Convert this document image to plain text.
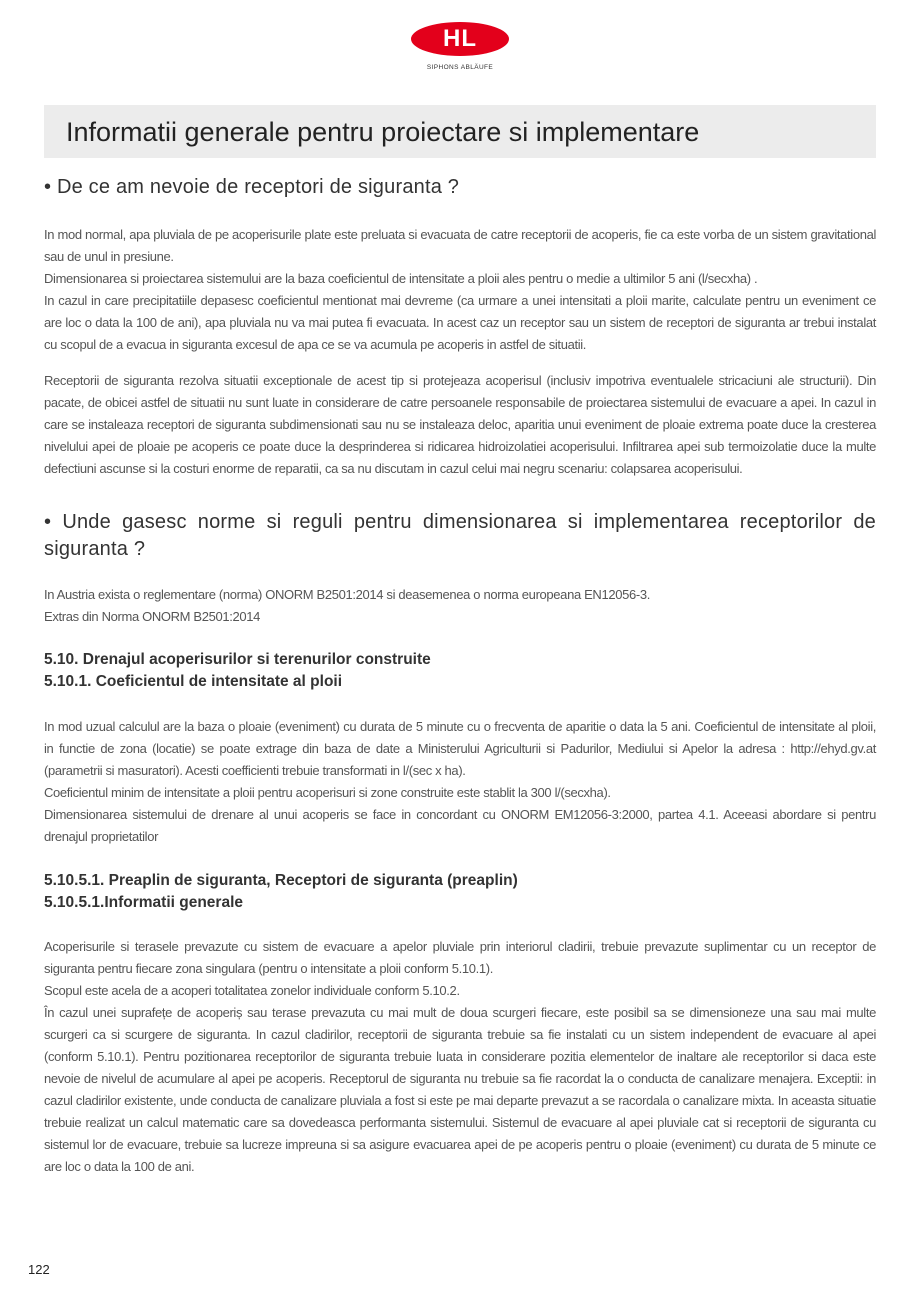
HL
SIPHONS ABLÄUFE
Informatii generale pentru proiectare si implementare
• De ce am nevoie de receptori de siguranta ?
In mod normal, apa pluviala de pe acoperisurile plate este preluata si evacuata de catre receptorii de acoperis, fie ca este vorba de un sistem gravitational sau de unul in presiune.
Dimensionarea si proiectarea sistemului are la baza coeficientul de intensitate a ploii ales pentru o medie a ultimilor 5 ani (l/secxha) .
In cazul in care precipitatiile depasesc coeficientul mentionat mai devreme (ca urmare a unei intensitati a ploii marite, calculate pentru un eveniment ce are loc o data la 100 de ani), apa pluviala nu va mai putea fi evacuata. In acest caz un receptor sau un sistem de receptori de siguranta ar trebui instalat cu scopul de a evacua in siguranta excesul de apa ce se va acumula pe acoperis in astfel de situatii.
Receptorii de siguranta rezolva situatii exceptionale de acest tip si protejeaza acoperisul (inclusiv impotriva eventualele stricaciuni ale structurii). Din pacate, de obicei astfel de situatii nu sunt luate in considerare de catre persoanele responsabile de proiectarea sistemului de evacuare a apei. In cazul in care se instaleaza receptori de siguranta subdimensionati sau nu se instaleaza deloc, aparitia unui eveniment de ploaie extrema poate duce la cresterea nivelului apei de ploaie pe acoperis ce poate duce la desprinderea si ridicarea hidroizolatiei acoperisului. Infiltrarea apei sub termoizolatie duce la multe defectiuni ascunse si la costuri enorme de reparatii, ca sa nu discutam in cazul celui mai negru scenariu: colapsarea acoperisului.
• Unde gasesc norme si reguli pentru dimensionarea si implementarea receptorilor de siguranta ?
In Austria exista o reglementare (norma) ONORM B2501:2014 si deasemenea o norma europeana EN12056-3.
Extras din Norma ONORM B2501:2014
5.10. Drenajul acoperisurilor si terenurilor construite
5.10.1. Coeficientul de intensitate al ploii
In mod uzual calculul are la baza o ploaie (eveniment) cu durata de 5 minute cu o frecventa de aparitie o data la 5 ani. Coeficientul de intensitate al ploii, in functie de zona (locatie) se poate extrage din baza de date a Ministerului Agriculturii si Padurilor, Mediului si Apelor la adresa : http://ehyd.gv.at (parametrii si masuratori). Acesti coefficienti trebuie transformati in l/(sec x ha).
Coeficientul minim de intensitate a ploii pentru acoperisuri si zone construite este stablit la 300 l/(secxha).
Dimensionarea sistemului de drenare al unui acoperis se face in concordant cu ONORM EM12056-3:2000, partea 4.1. Aceeasi abordare si pentru drenajul proprietatilor
5.10.5.1. Preaplin de siguranta, Receptori de siguranta (preaplin)
5.10.5.1.Informatii generale
Acoperisurile si terasele prevazute cu sistem de evacuare a apelor pluviale prin interiorul cladirii, trebuie prevazute suplimentar cu un receptor de siguranta pentru fiecare zona singulara (pentru o intensitate a ploii conform 5.10.1).
Scopul este acela de a acoperi totalitatea zonelor individuale conform 5.10.2.
În cazul unei suprafețe de acoperiș sau terase prevazuta cu mai mult de doua scurgeri fiecare, este posibil sa se dimensioneze una sau mai multe scurgeri ca si scurgere de siguranta. In cazul cladirilor, receptorii de siguranta trebuie sa fie instalati cu un sistem independent de evacuare al apei (conform 5.10.1). Pentru pozitionarea receptorilor de siguranta trebuie luata in considerare pozitia elementelor de inaltare ale receptorilor si daca este nevoie de nivelul de acumulare al apei pe acoperis. Receptorul de siguranta nu trebuie sa fie racordat la o conducta de canalizare menajera. Exceptii: in cazul cladirilor existente, unde conducta de canalizare pluviala a fost si este pe mai departe prevazut a se racordala o canalizare mixta. In aceasta situatie trebuie realizat un calcul matematic care sa dovedeasca performanta sistemului. Sistemul de evacuare al apei pluviale cat si receptorii de siguranta cu sistemul lor de evacuare, trebuie sa lucreze impreuna si sa asigure evacuarea apei de pe acoperis pentru o ploaie (eveniment) cu durata de 5 minute ce are loc o data la 100 de ani.
122
